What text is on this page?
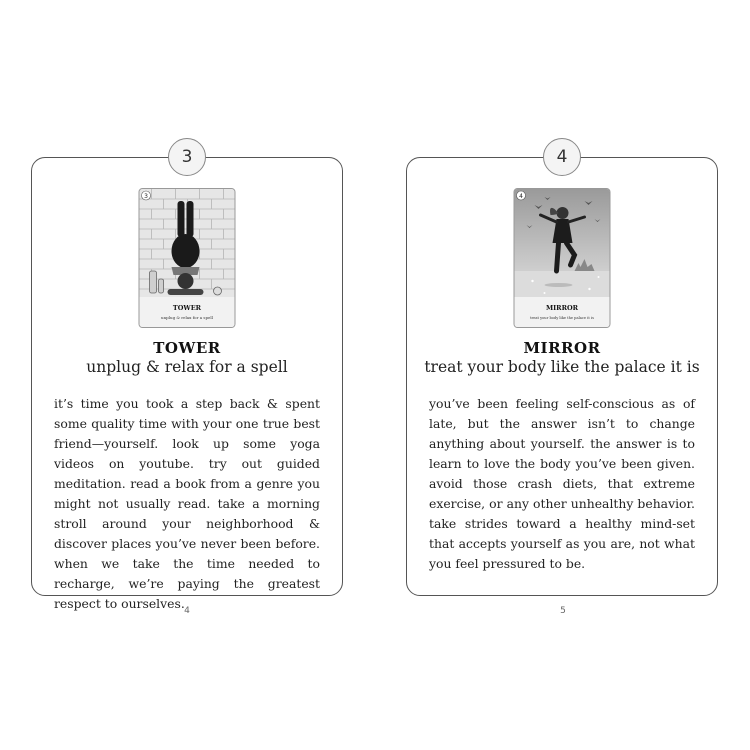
3
3
TOWER
unplug & relax for a spell
TOWER
unplug & relax for a spell

it’s time you took a step back & spent some quality time with your one true best friend—yourself. look up some yoga videos on youtube. try out guided meditation. read a book from a genre you might not usually read. take a morning stroll around your neighborhood & discover places you’ve never been before. when we take the time needed to recharge, we’re paying the greatest respect to ourselves.

4
4
MIRROR
treat your body like the palace it is
MIRROR
treat your body like the palace it is

you’ve been feeling self-conscious as of late, but the answer isn’t to change anything about yourself. the answer is to learn to love the body you’ve been given. avoid those crash diets, that extreme exercise, or any other unhealthy behavior. take strides toward a healthy mind-set that accepts yourself as you are, not what you feel pressured to be.

4	5
